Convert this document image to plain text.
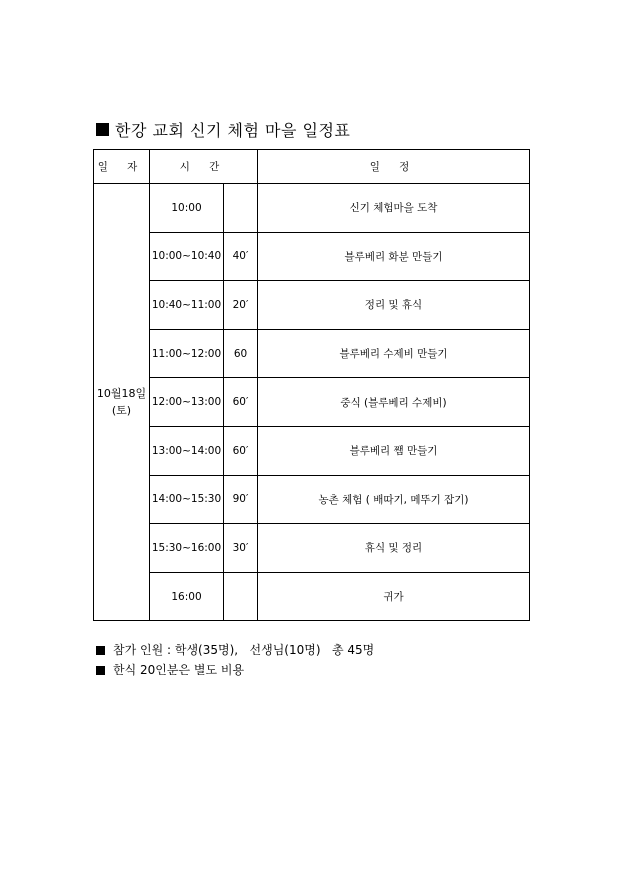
한강 교회 신기 체험 마을 일정표
일 자	시 간		일 정

10월18일
(토)	10:00		신기 체험마을 도착
	10:00~10:40	40′	블루베리 화분 만들기
	10:40~11:00	20′	정리 및 휴식
	11:00~12:00	60	블루베리 수제비 만들기
	12:00~13:00	60′	중식 (블루베리 수제비)
	13:00~14:00	60′	블루베리 쨈 만들기
	14:00~15:30	90′	농촌 체험 ( 배따기, 메뚜기 잡기)
	15:30~16:00	30′	휴식 및 정리
	16:00		귀가
참가 인원 : 학생(35명),   선생님(10명)   총 45명
한식 20인분은 별도 비용
